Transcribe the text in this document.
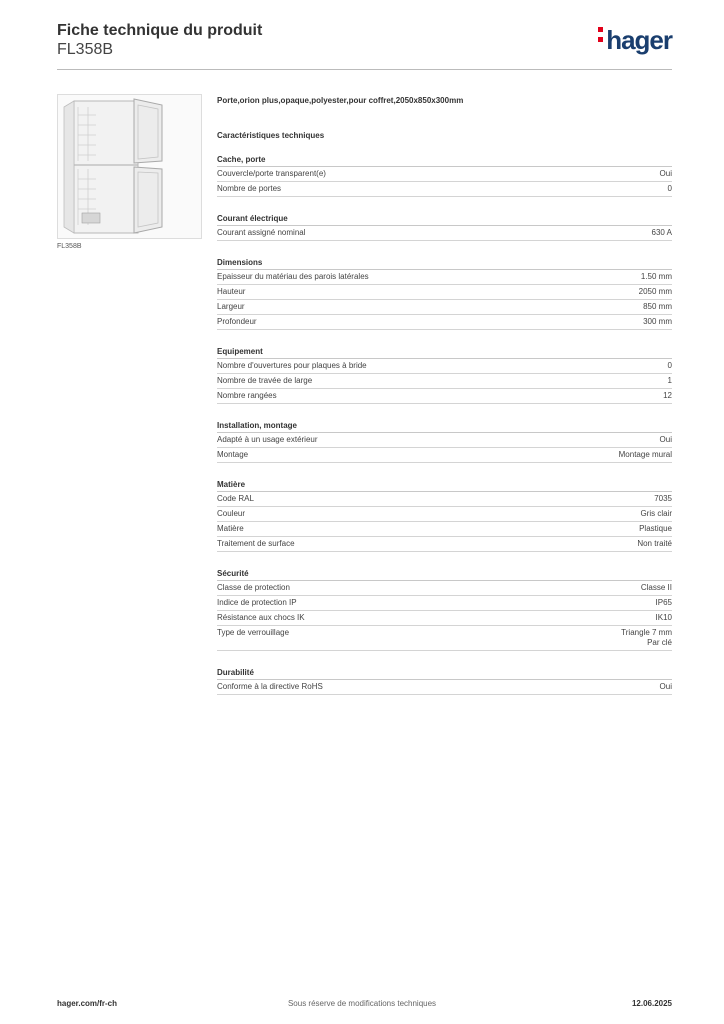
Fiche technique du produit
FL358B	hager
FL358B
Porte,orion plus,opaque,polyester,pour coffret,2050x850x300mm
Caractéristiques techniques
Cache, porte
Couvercle/porte transparent(e)	Oui
Nombre de portes	0
Courant électrique
Courant assigné nominal	630 A
Dimensions
Epaisseur du matériau des parois latérales	1.50 mm
Hauteur	2050 mm
Largeur	850 mm
Profondeur	300 mm
Equipement
Nombre d'ouvertures pour plaques à bride	0
Nombre de travée de large	1
Nombre rangées	12
Installation, montage
Adapté à un usage extérieur	Oui
Montage	Montage mural
Matière
Code RAL	7035
Couleur	Gris clair
Matière	Plastique
Traitement de surface	Non traité
Sécurité
Classe de protection	Classe II
Indice de protection IP	IP65
Résistance aux chocs IK	IK10
Type de verrouillage	Triangle 7 mm
Par clé
Durabilité
Conforme à la directive RoHS	Oui
hager.com/fr-ch	Sous réserve de modifications techniques	12.06.2025
